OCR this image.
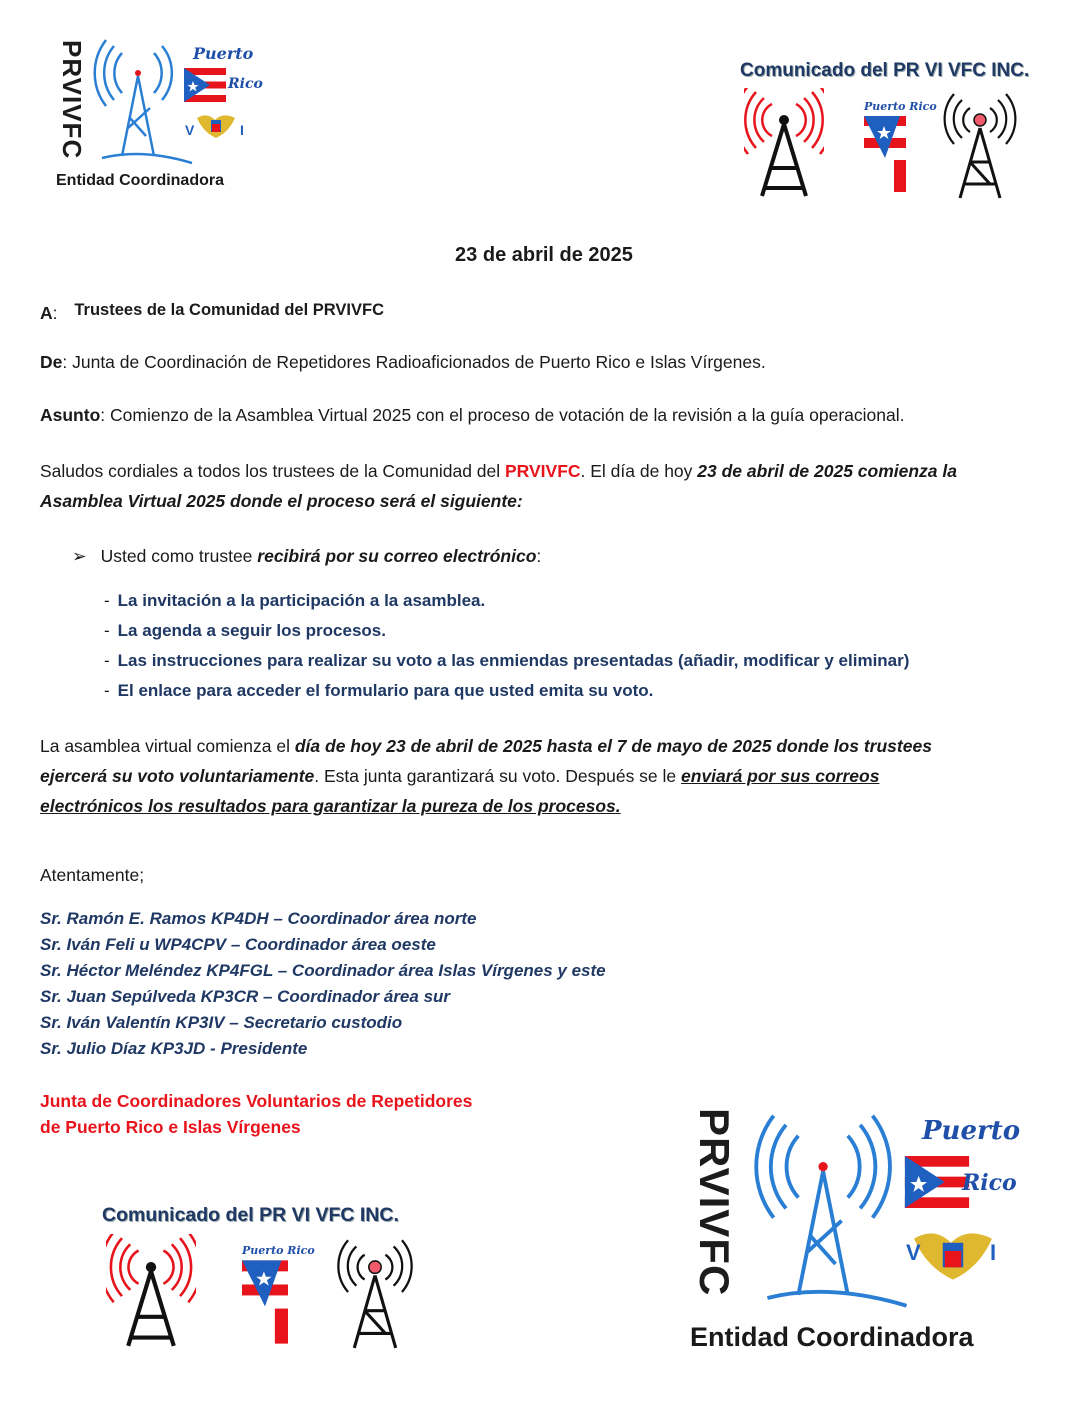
PRVIVFC	Puerto
Rico
V	I
Entidad Coordinadora
Comunicado del PR VI VFC INC.
Puerto Rico
23 de abril de 2025
A: Trustees de la Comunidad del PRVIVFC
De: Junta de Coordinación de Repetidores Radioaficionados de Puerto Rico e Islas Vírgenes.
Asunto: Comienzo de la Asamblea Virtual 2025 con el proceso de votación de la revisión a la guía operacional.
Saludos cordiales a todos los trustees de la Comunidad del PRVIVFC. El día de hoy 23 de abril de 2025 comienza la
Asamblea Virtual 2025 donde el proceso será el siguiente:
➢ Usted como trustee recibirá por su correo electrónico:
- La invitación a la participación a la asamblea.
- La agenda a seguir los procesos.
- Las instrucciones para realizar su voto a las enmiendas presentadas (añadir, modificar y eliminar)
- El enlace para acceder el formulario para que usted emita su voto.
La asamblea virtual comienza el día de hoy 23 de abril de 2025 hasta el 7 de mayo de 2025 donde los trustees
ejercerá su voto voluntariamente. Esta junta garantizará su voto. Después se le enviará por sus correos
electrónicos los resultados para garantizar la pureza de los procesos.
Atentamente;
Sr. Ramón E. Ramos KP4DH – Coordinador área norte
Sr. Iván Feli u WP4CPV – Coordinador área oeste
Sr. Héctor Meléndez KP4FGL – Coordinador área Islas Vírgenes y este
Sr. Juan Sepúlveda KP3CR – Coordinador área sur
Sr. Iván Valentín KP3IV – Secretario custodio
Sr. Julio Díaz KP3JD - Presidente
Junta de Coordinadores Voluntarios de Repetidores
de Puerto Rico e Islas Vírgenes
Comunicado del PR VI VFC INC.
Puerto Rico	PRVIVFC	Puerto
Rico
V	I
Entidad Coordinadora
